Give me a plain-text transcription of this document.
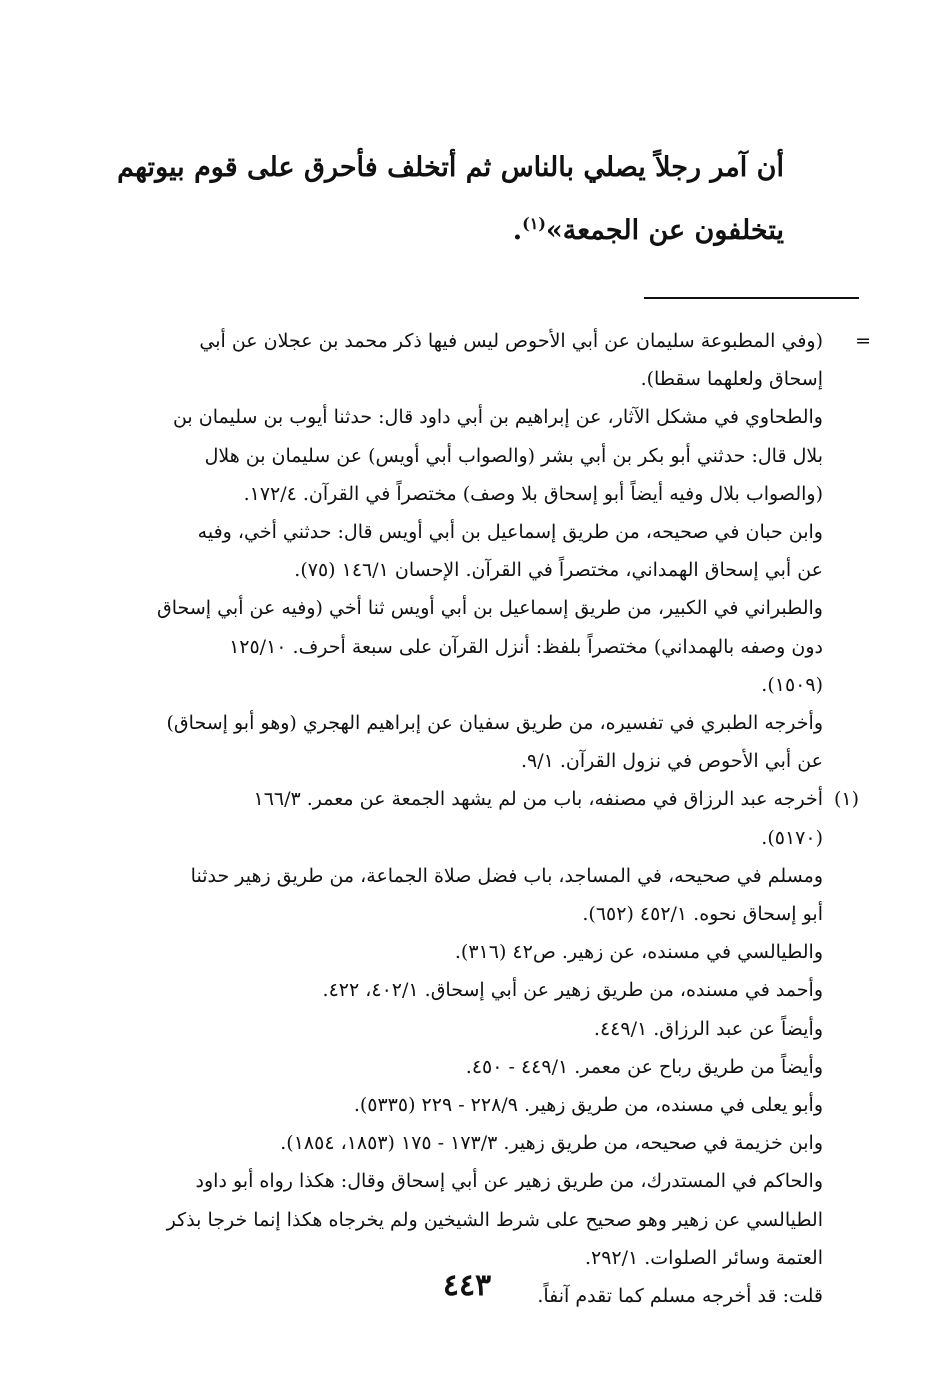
أن آمر رجلاً يصلي بالناس ثم أتخلف فأحرق على قوم بيوتهم
يتخلفون عن الجمعة»$^{(١)}$.
=
(وفي المطبوعة سليمان عن أبي الأحوص ليس فيها ذكر محمد بن عجلان عن أبي
إسحاق ولعلهما سقطا).
والطحاوي في مشكل الآثار، عن إبراهيم بن أبي داود قال: حدثنا أيوب بن سليمان بن
بلال قال: حدثني أبو بكر بن أبي بشر (والصواب أبي أويس) عن سليمان بن هلال
(والصواب بلال وفيه أيضاً أبو إسحاق بلا وصف) مختصراً في القرآن. ١٧٢/٤.
وابن حبان في صحيحه، من طريق إسماعيل بن أبي أويس قال: حدثني أخي، وفيه
عن أبي إسحاق الهمداني، مختصراً في القرآن. الإحسان ١٤٦/١ (٧٥).
والطبراني في الكبير، من طريق إسماعيل بن أبي أويس ثنا أخي (وفيه عن أبي إسحاق
دون وصفه بالهمداني) مختصراً بلفظ: أنزل القرآن على سبعة أحرف. ١٢٥/١٠
(١٥٠٩).
وأخرجه الطبري في تفسيره، من طريق سفيان عن إبراهيم الهجري (وهو أبو إسحاق)
عن أبي الأحوص في نزول القرآن. ٩/١.
(١)
أخرجه عبد الرزاق في مصنفه، باب من لم يشهد الجمعة عن معمر. ١٦٦/٣
(٥١٧٠).
ومسلم في صحيحه، في المساجد، باب فضل صلاة الجماعة، من طريق زهير حدثنا
أبو إسحاق نحوه. ٤٥٢/١ (٦٥٢).
والطيالسي في مسنده، عن زهير. ص٤٢ (٣١٦).
وأحمد في مسنده، من طريق زهير عن أبي إسحاق. ٤٠٢/١، ٤٢٢.
وأيضاً عن عبد الرزاق. ٤٤٩/١.
وأيضاً من طريق رباح عن معمر. ٤٤٩/١ - ٤٥٠.
وأبو يعلى في مسنده، من طريق زهير. ٢٢٨/٩ - ٢٢٩ (٥٣٣٥).
وابن خزيمة في صحيحه، من طريق زهير. ١٧٣/٣ - ١٧٥ (١٨٥٣، ١٨٥٤).
والحاكم في المستدرك، من طريق زهير عن أبي إسحاق وقال: هكذا رواه أبو داود
الطيالسي عن زهير وهو صحيح على شرط الشيخين ولم يخرجاه هكذا إنما خرجا بذكر
العتمة وسائر الصلوات. ٢٩٢/١.
قلت: قد أخرجه مسلم كما تقدم آنفاً.
٤٤٣
